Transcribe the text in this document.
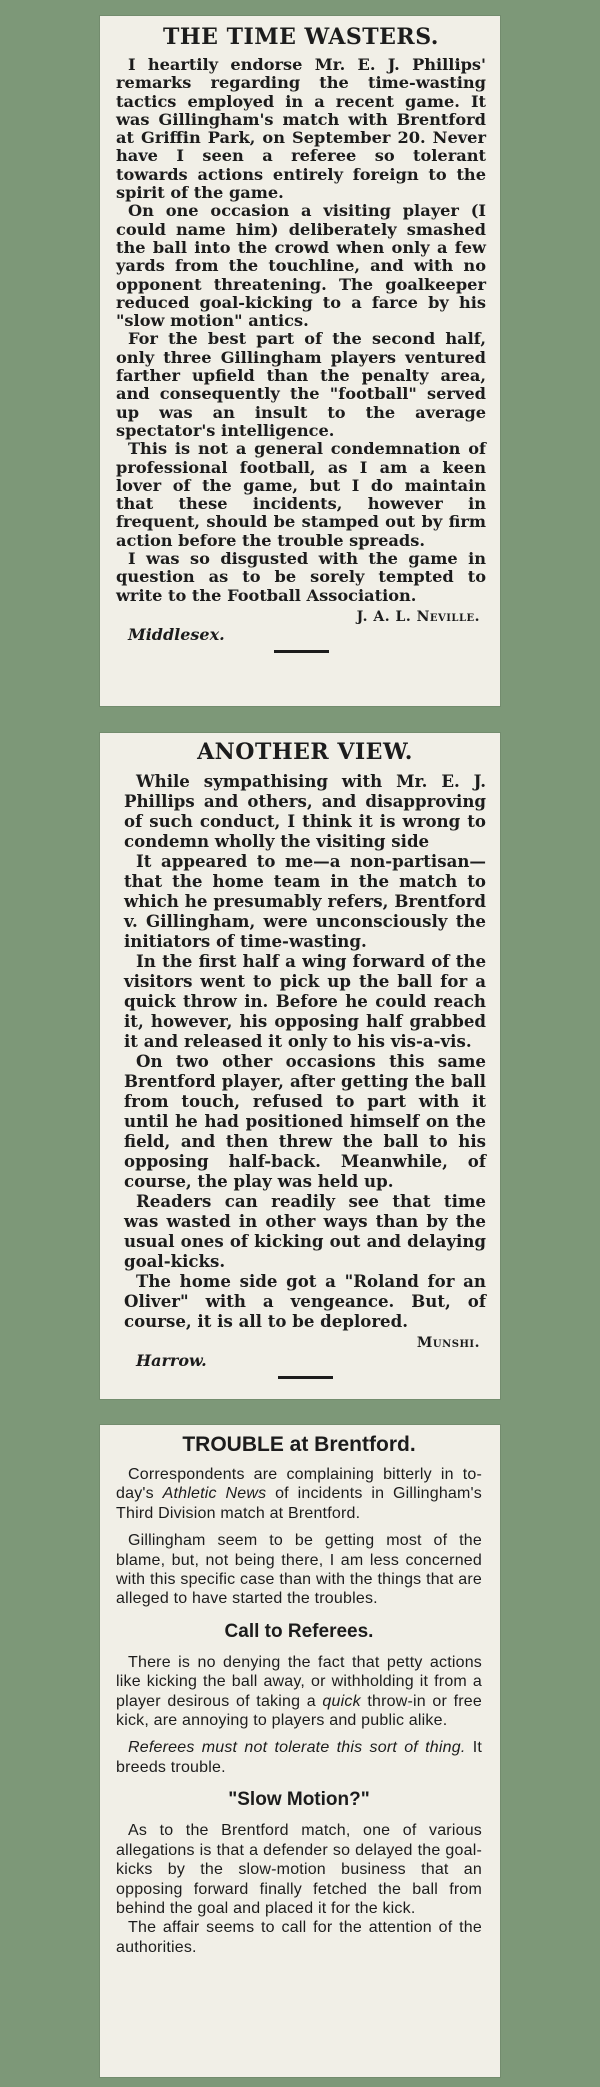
THE TIME WASTERS.

I heartily endorse Mr. E. J. Phillips' remarks regarding the time-wasting tactics employed in a recent game. It was Gillingham's match with Brentford at Griffin Park, on September 20. Never have I seen a referee so tolerant towards actions entirely foreign to the spirit of the game.

On one occasion a visiting player (I could name him) deliberately smashed the ball into the crowd when only a few yards from the touchline, and with no opponent threatening. The goalkeeper reduced goal-kicking to a farce by his "slow motion" antics.

For the best part of the second half, only three Gillingham players ventured farther upfield than the penalty area, and consequently the "football" served up was an insult to the average spectator's intelligence.

This is not a general condemnation of professional football, as I am a keen lover of the game, but I do maintain that these incidents, however in frequent, should be stamped out by firm action before the trouble spreads.

I was so disgusted with the game in question as to be sorely tempted to write to the Football Association.

J. A. L. Neville.
Middlesex.
ANOTHER VIEW.

While sympathising with Mr. E. J. Phillips and others, and disapproving of such conduct, I think it is wrong to condemn wholly the visiting side

It appeared to me—a non-partisan— that the home team in the match to which he presumably refers, Brentford v. Gillingham, were unconsciously the initiators of time-wasting.

In the first half a wing forward of the visitors went to pick up the ball for a quick throw in. Before he could reach it, however, his opposing half grabbed it and released it only to his vis-a-vis.

On two other occasions this same Brentford player, after getting the ball from touch, refused to part with it until he had positioned himself on the field, and then threw the ball to his opposing half-back. Meanwhile, of course, the play was held up.

Readers can readily see that time was wasted in other ways than by the usual ones of kicking out and delaying goal-kicks.

The home side got a "Roland for an Oliver" with a vengeance. But, of course, it is all to be deplored.

Munshi.
Harrow.
TROUBLE at Brentford.

Correspondents are complaining bitterly in to-day's Athletic News of incidents in Gillingham's Third Division match at Brentford.

Gillingham seem to be getting most of the blame, but, not being there, I am less concerned with this specific case than with the things that are alleged to have started the troubles.

Call to Referees.

There is no denying the fact that petty actions like kicking the ball away, or withholding it from a player desirous of taking a quick throw-in or free kick, are annoying to players and public alike.

Referees must not tolerate this sort of thing. It breeds trouble.

"Slow Motion?"

As to the Brentford match, one of various allegations is that a defender so delayed the goal-kicks by the slow-motion business that an opposing forward finally fetched the ball from behind the goal and placed it for the kick.

The affair seems to call for the attention of the authorities.
